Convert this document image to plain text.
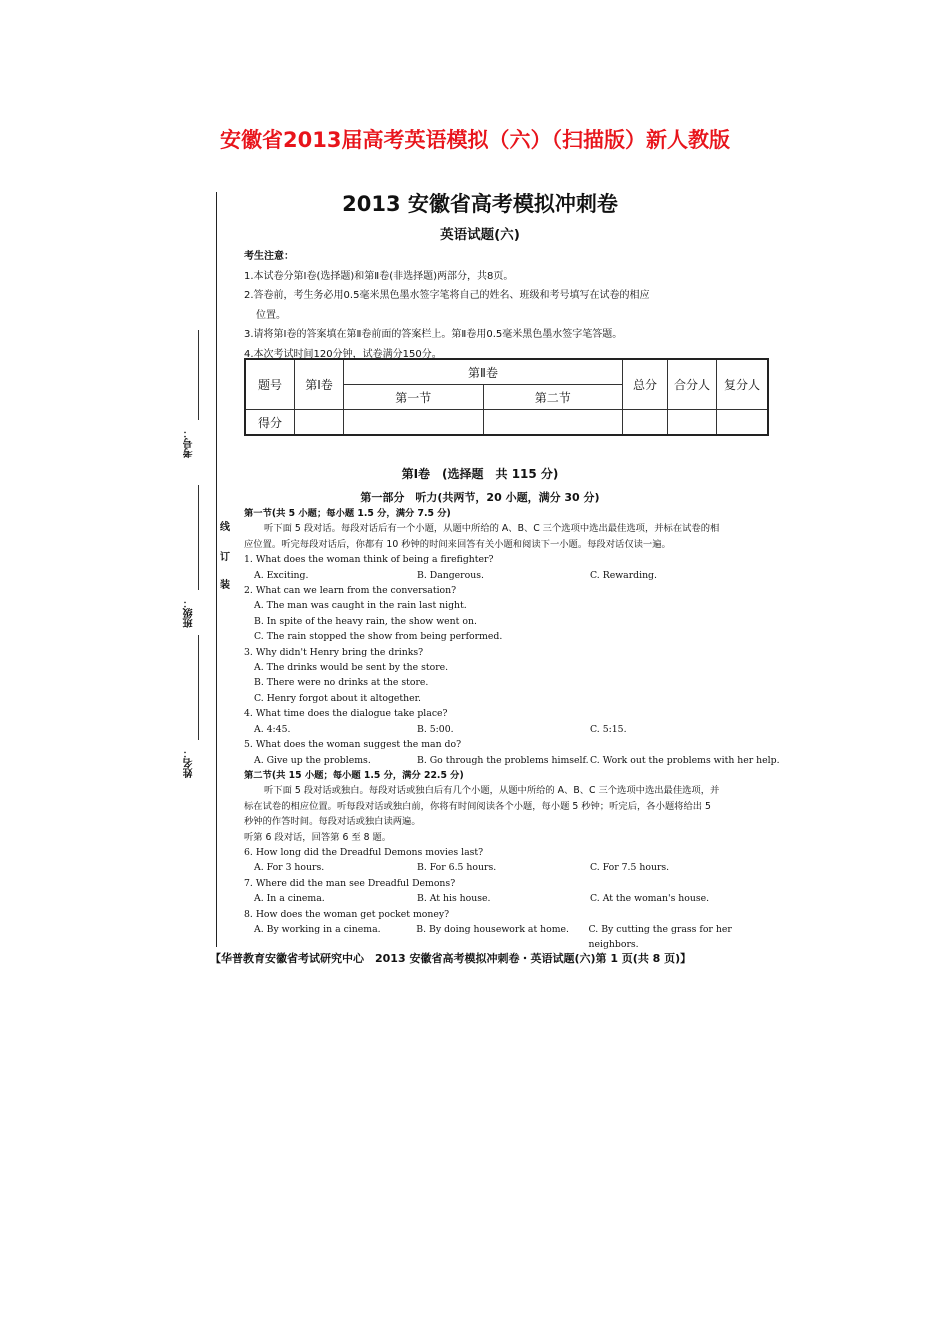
安徽省2013届高考英语模拟（六）（扫描版）新人教版
考号：
班级：
姓名：
线
订
装
2013 安徽省高考模拟冲刺卷
英语试题(六)
考生注意：
1.本试卷分第Ⅰ卷(选择题)和第Ⅱ卷(非选择题)两部分，共8页。
2.答卷前，考生务必用0.5毫米黑色墨水签字笔将自己的姓名、班级和考号填写在试卷的相应
位置。
3.请将第Ⅰ卷的答案填在第Ⅱ卷前面的答案栏上。第Ⅱ卷用0.5毫米黑色墨水签字笔答题。
4.本次考试时间120分钟，试卷满分150分。
题号	第Ⅰ卷	第Ⅱ卷		总分	合分人	复分人
		第一节	第二节			
得分						
第Ⅰ卷　(选择题　共 115 分)
第一部分　听力(共两节，20 小题，满分 30 分)
第一节(共 5 小题；每小题 1.5 分，满分 7.5 分)
听下面 5 段对话。每段对话后有一个小题，从题中所给的 A、B、C 三个选项中选出最佳选项，并标在试卷的相
应位置。听完每段对话后，你都有 10 秒钟的时间来回答有关小题和阅读下一小题。每段对话仅读一遍。
1. What does the woman think of being a firefighter?
A. Exciting.	B. Dangerous.	C. Rewarding.
2. What can we learn from the conversation?
A. The man was caught in the rain last night.
B. In spite of the heavy rain, the show went on.
C. The rain stopped the show from being performed.
3. Why didn't Henry bring the drinks?
A. The drinks would be sent by the store.
B. There were no drinks at the store.
C. Henry forgot about it altogether.
4. What time does the dialogue take place?
A. 4:45.	B. 5:00.	C. 5:15.
5. What does the woman suggest the man do?
A. Give up the problems.	B. Go through the problems himself. C. Work out the problems with her help.
第二节(共 15 小题；每小题 1.5 分，满分 22.5 分)
听下面 5 段对话或独白。每段对话或独白后有几个小题，从题中所给的 A、B、C 三个选项中选出最佳选项，并
标在试卷的相应位置。听每段对话或独白前，你将有时间阅读各个小题，每小题 5 秒钟；听完后，各小题将给出 5
秒钟的作答时间。每段对话或独白读两遍。
听第 6 段对话，回答第 6 至 8 题。
6. How long did the Dreadful Demons movies last?
A. For 3 hours.	B. For 6.5 hours.	C. For 7.5 hours.
7. Where did the man see Dreadful Demons?
A. In a cinema.	B. At his house.	C. At the woman's house.
8. How does the woman get pocket money?
A. By working in a cinema.	B. By doing housework at home.	C. By cutting the grass for her neighbors.
【华普教育安徽省考试研究中心　2013 安徽省高考模拟冲刺卷・英语试题(六)第 1 页(共 8 页)】
